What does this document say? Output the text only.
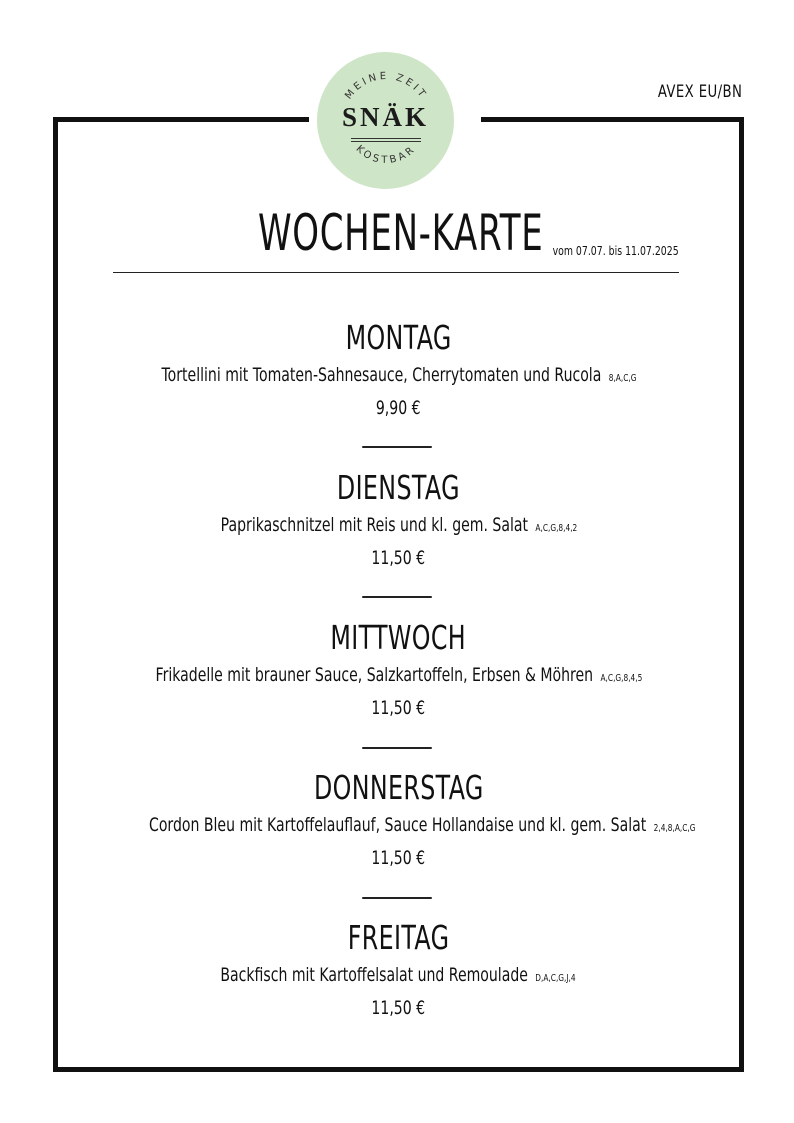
MEINE ZEIT
KOSTBAR
SNÄK
AVEX EU/BN
WOCHEN-KARTE vom 07.07. bis 11.07.2025
MONTAG
Tortellini mit Tomaten-Sahnesauce, Cherrytomaten und Rucola 8,A,C,G
9,90 €
DIENSTAG
Paprikaschnitzel mit Reis und kl. gem. Salat A,C,G,8,4,2
11,50 €
MITTWOCH
Frikadelle mit brauner Sauce, Salzkartoffeln, Erbsen & Möhren A,C,G,8,4,5
11,50 €
DONNERSTAG
Cordon Bleu mit Kartoffelauflauf, Sauce Hollandaise und kl. gem. Salat 2,4,8,A,C,G
11,50 €
FREITAG
Backfisch mit Kartoffelsalat und Remoulade D,A,C,G,J,4
11,50 €
